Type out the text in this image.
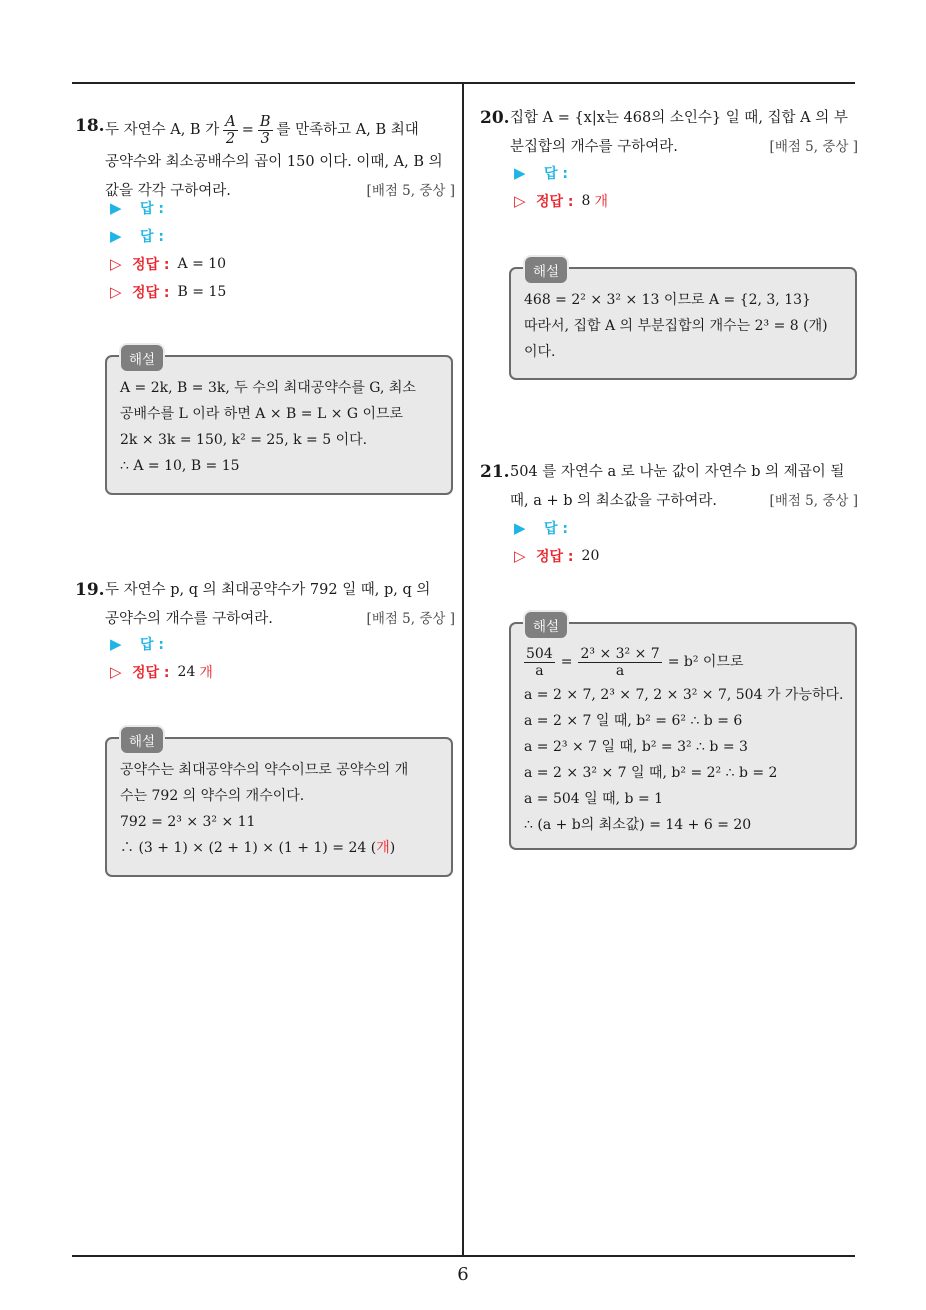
18. 두 자연수 A, B 가 $\frac{A}{2} = \frac{B}{3}$ 를 만족하고 A, B 최대
공약수와 최소공배수의 곱이 150 이다. 이때, A, B 의
값을 각각 구하여라.	[배점 5, 중상 ]
▶	답 :
▶	답 :
▷ 정답 : A = 10
▷ 정답 : B = 15
해설
A = 2k, B = 3k, 두 수의 최대공약수를 G, 최소
공배수를 L 이라 하면 A × B = L × G 이므로
2k × 3k = 150, k² = 25, k = 5 이다.
∴ A = 10, B = 15
19. 두 자연수 p, q 의 최대공약수가 792 일 때, p, q 의
공약수의 개수를 구하여라.	[배점 5, 중상 ]
▶	답 :
▷ 정답 : 24 개
해설
공약수는 최대공약수의 약수이므로 공약수의 개
수는 792 의 약수의 개수이다.
792 = 2³ × 3² × 11
∴ (3 + 1) × (2 + 1) × (1 + 1) = 24 (개)
20. 집합 A = {x|x는 468의 소인수} 일 때, 집합 A 의 부
분집합의 개수를 구하여라.	[배점 5, 중상 ]
▶	답 :
▷ 정답 : 8 개
해설
468 = 2² × 3² × 13 이므로 A = {2, 3, 13}
따라서, 집합 A 의 부분집합의 개수는 2³ = 8 (개)
이다.
21. 504 를 자연수 a 로 나눈 값이 자연수 b 의 제곱이 될
때, a + b 의 최소값을 구하여라.	[배점 5, 중상 ]
▶	답 :
▷ 정답 : 20
해설
$\frac{504}{a} = \frac{\text{2³ × 3² × 7}}{a} = b^2$ 이므로
a = 2 × 7, 2³ × 7, 2 × 3² × 7, 504 가 가능하다.
a = 2 × 7 일 때, b² = 6² ∴ b = 6
a = 2³ × 7 일 때, b² = 3² ∴ b = 3
a = 2 × 3² × 7 일 때, b² = 2² ∴ b = 2
a = 504 일 때, b = 1
∴ (a + b의 최소값) = 14 + 6 = 20
6
